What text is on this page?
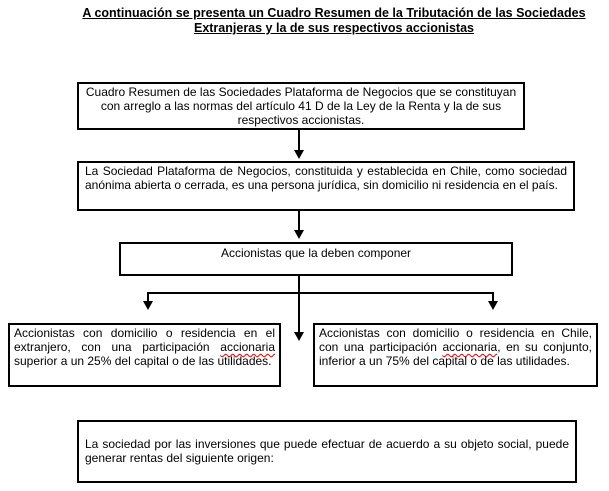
A continuación se presenta un Cuadro Resumen de la Tributación de las Sociedades
Extranjeras y la de sus respectivos accionistas
Cuadro Resumen de las Sociedades Plataforma de Negocios que se constituyan con arreglo a las normas del artículo 41 D de la Ley de la Renta y la de sus respectivos accionistas.
La Sociedad Plataforma de Negocios, constituida y establecida en Chile, como sociedad anónima abierta o cerrada, es una persona jurídica, sin domicilio ni residencia en el país.
Accionistas que la deben componer
Accionistas con domicilio o residencia en el extranjero, con una participación accionaria superior a un 25% del capital o de las utilidades.
Accionistas con domicilio o residencia en Chile, con una participación accionaria, en su conjunto, inferior a un 75% del capital o de las utilidades.
La sociedad por las inversiones que puede efectuar de acuerdo a su objeto social, puede generar rentas del siguiente origen:
